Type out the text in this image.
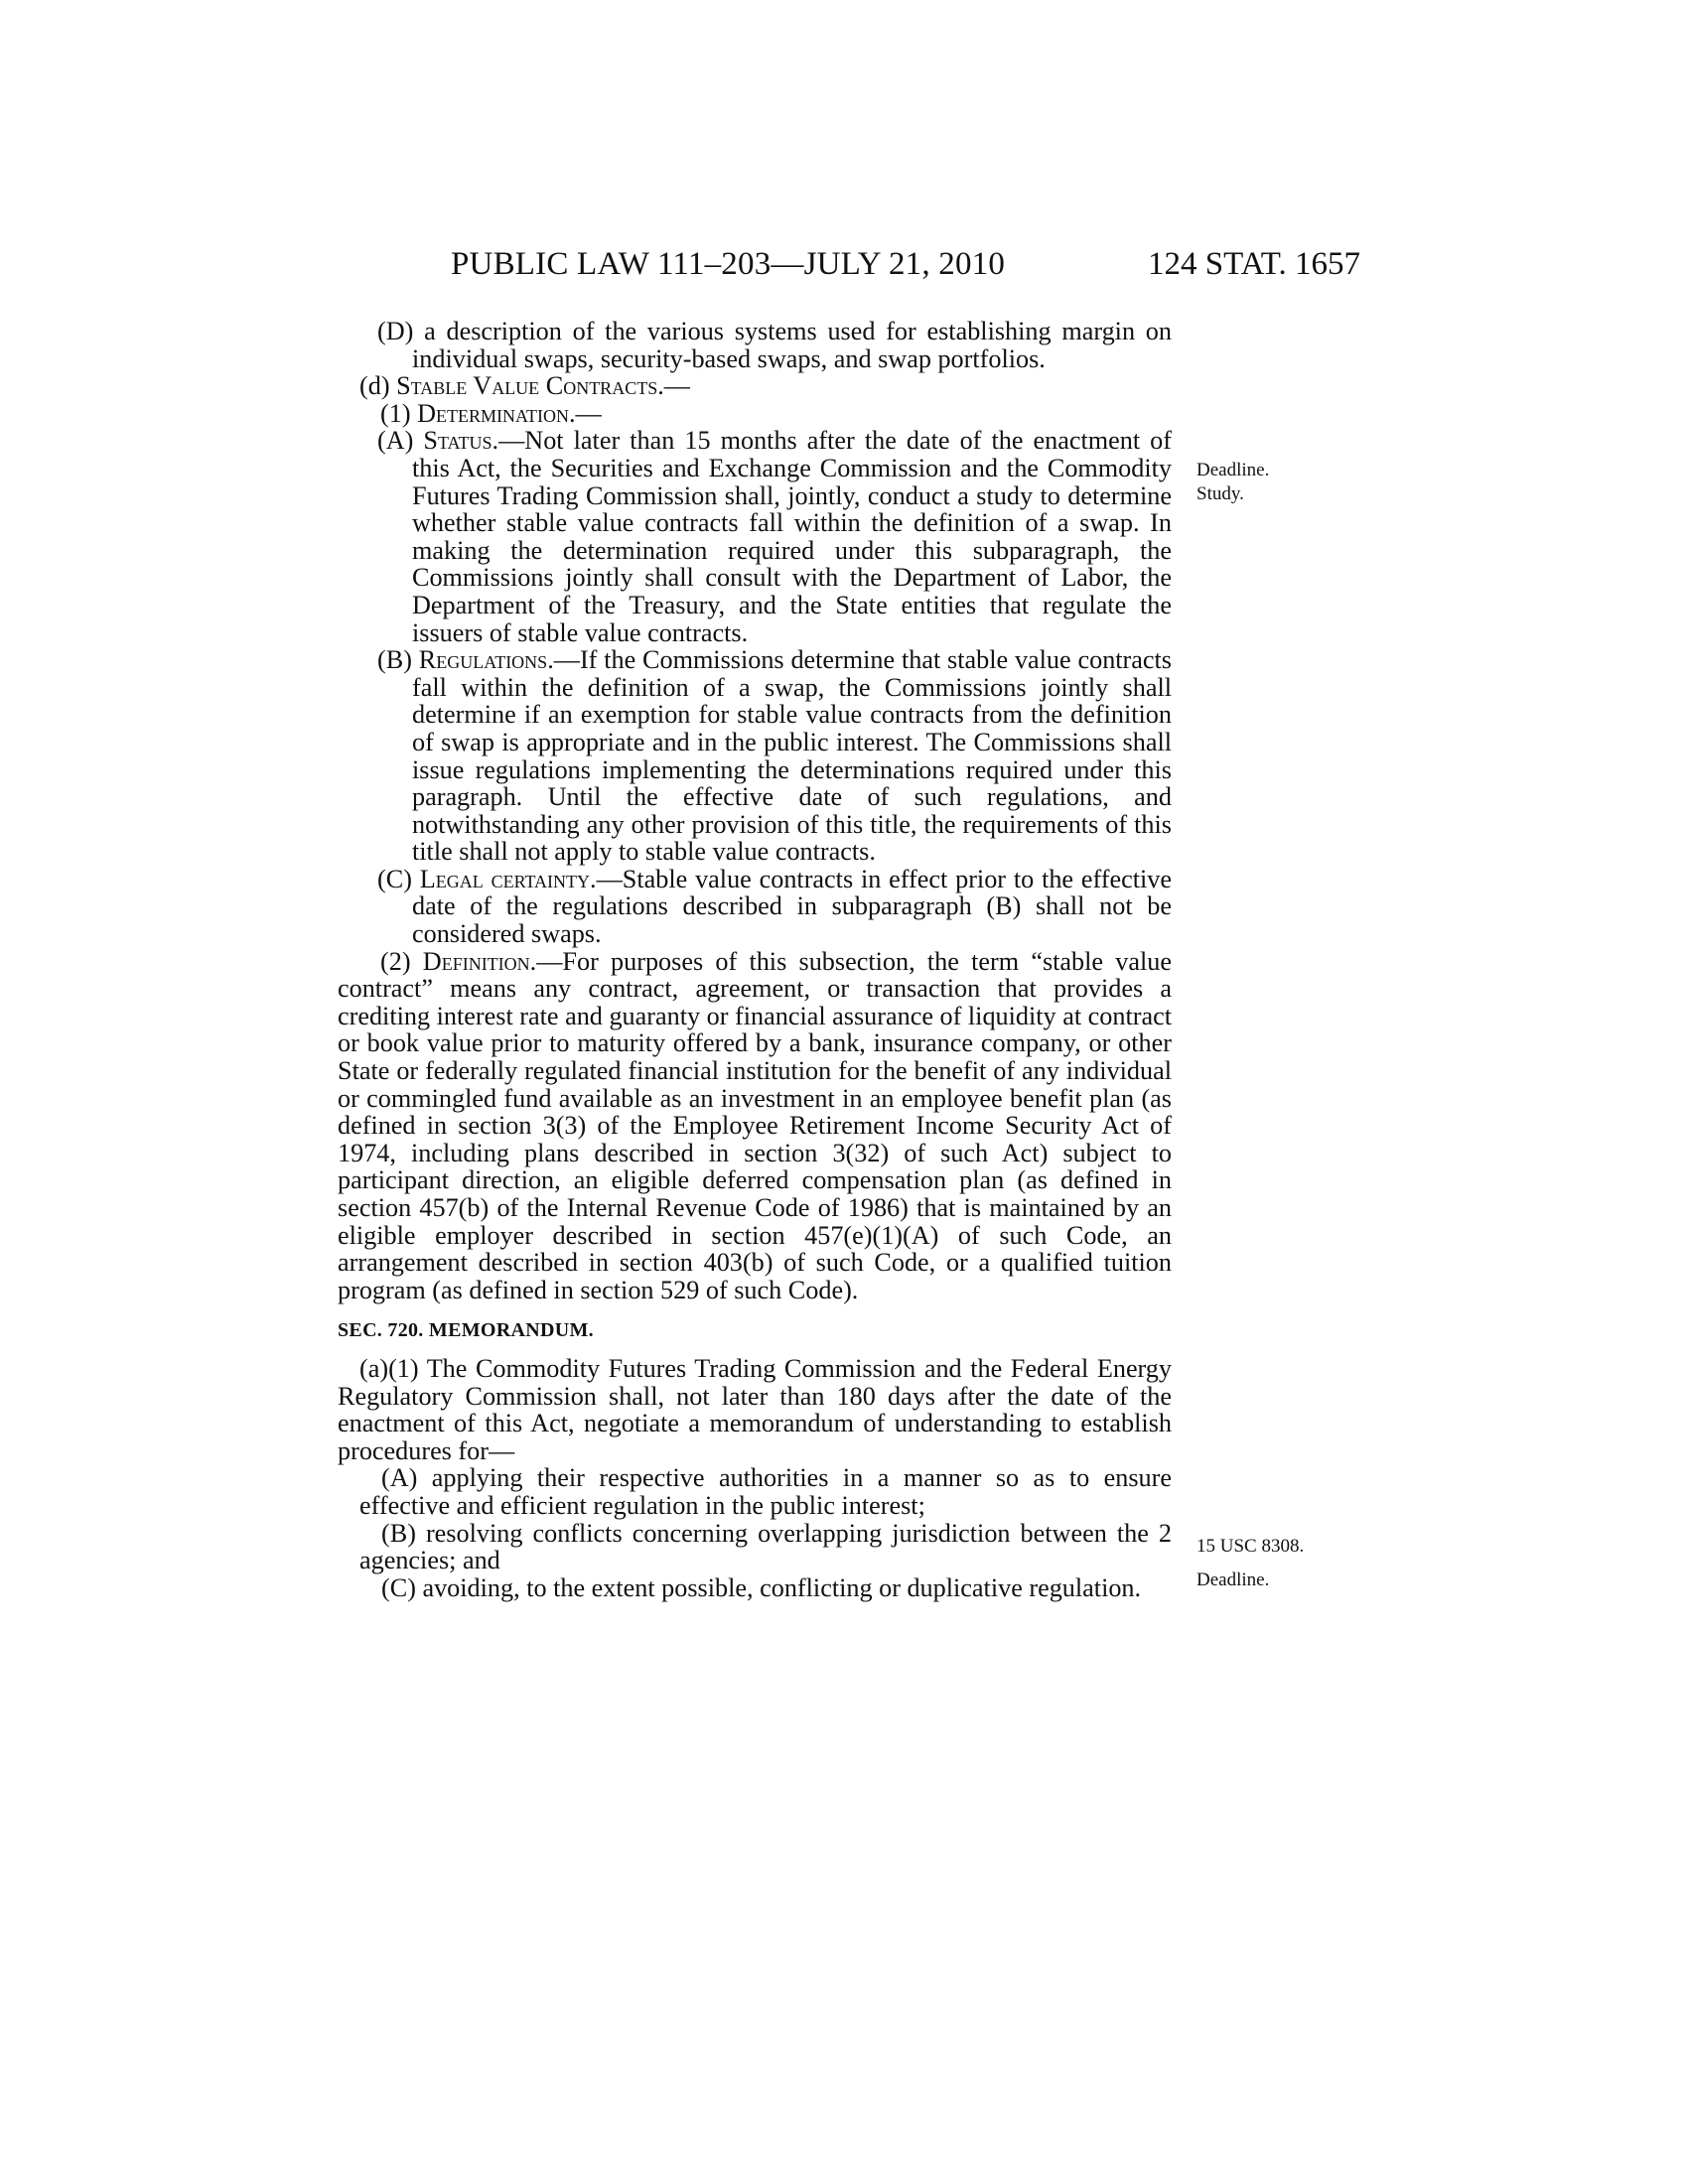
PUBLIC LAW 111–203—JULY 21, 2010	124 STAT. 1657
Deadline.
Study.
15 USC 8308.
Deadline.

(D) a description of the various systems used for establishing margin on individual swaps, security-based swaps, and swap portfolios.

(d) Stable Value Contracts.—

(1) Determination.—

(A) Status.—Not later than 15 months after the date of the enactment of this Act, the Securities and Exchange Commission and the Commodity Futures Trading Commission shall, jointly, conduct a study to determine whether stable value contracts fall within the definition of a swap. In making the determination required under this subparagraph, the Commissions jointly shall consult with the Department of Labor, the Department of the Treasury, and the State entities that regulate the issuers of stable value contracts.

(B) Regulations.—If the Commissions determine that stable value contracts fall within the definition of a swap, the Commissions jointly shall determine if an exemption for stable value contracts from the definition of swap is appropriate and in the public interest. The Commissions shall issue regulations implementing the determinations required under this paragraph. Until the effective date of such regulations, and notwithstanding any other provision of this title, the requirements of this title shall not apply to stable value contracts.

(C) Legal certainty.—Stable value contracts in effect prior to the effective date of the regulations described in subparagraph (B) shall not be considered swaps.

(2) Definition.—For purposes of this subsection, the term “stable value contract” means any contract, agreement, or transaction that provides a crediting interest rate and guaranty or financial assurance of liquidity at contract or book value prior to maturity offered by a bank, insurance company, or other State or federally regulated financial institution for the benefit of any individual or commingled fund available as an investment in an employee benefit plan (as defined in section 3(3) of the Employee Retirement Income Security Act of 1974, including plans described in section 3(32) of such Act) subject to participant direction, an eligible deferred compensation plan (as defined in section 457(b) of the Internal Revenue Code of 1986) that is maintained by an eligible employer described in section 457(e)(1)(A) of such Code, an arrangement described in section 403(b) of such Code, or a qualified tuition program (as defined in section 529 of such Code).

SEC. 720. MEMORANDUM.

(a)(1) The Commodity Futures Trading Commission and the Federal Energy Regulatory Commission shall, not later than 180 days after the date of the enactment of this Act, negotiate a memorandum of understanding to establish procedures for—

(A) applying their respective authorities in a manner so as to ensure effective and efficient regulation in the public interest;

(B) resolving conflicts concerning overlapping jurisdiction between the 2 agencies; and

(C) avoiding, to the extent possible, conflicting or duplicative regulation.
